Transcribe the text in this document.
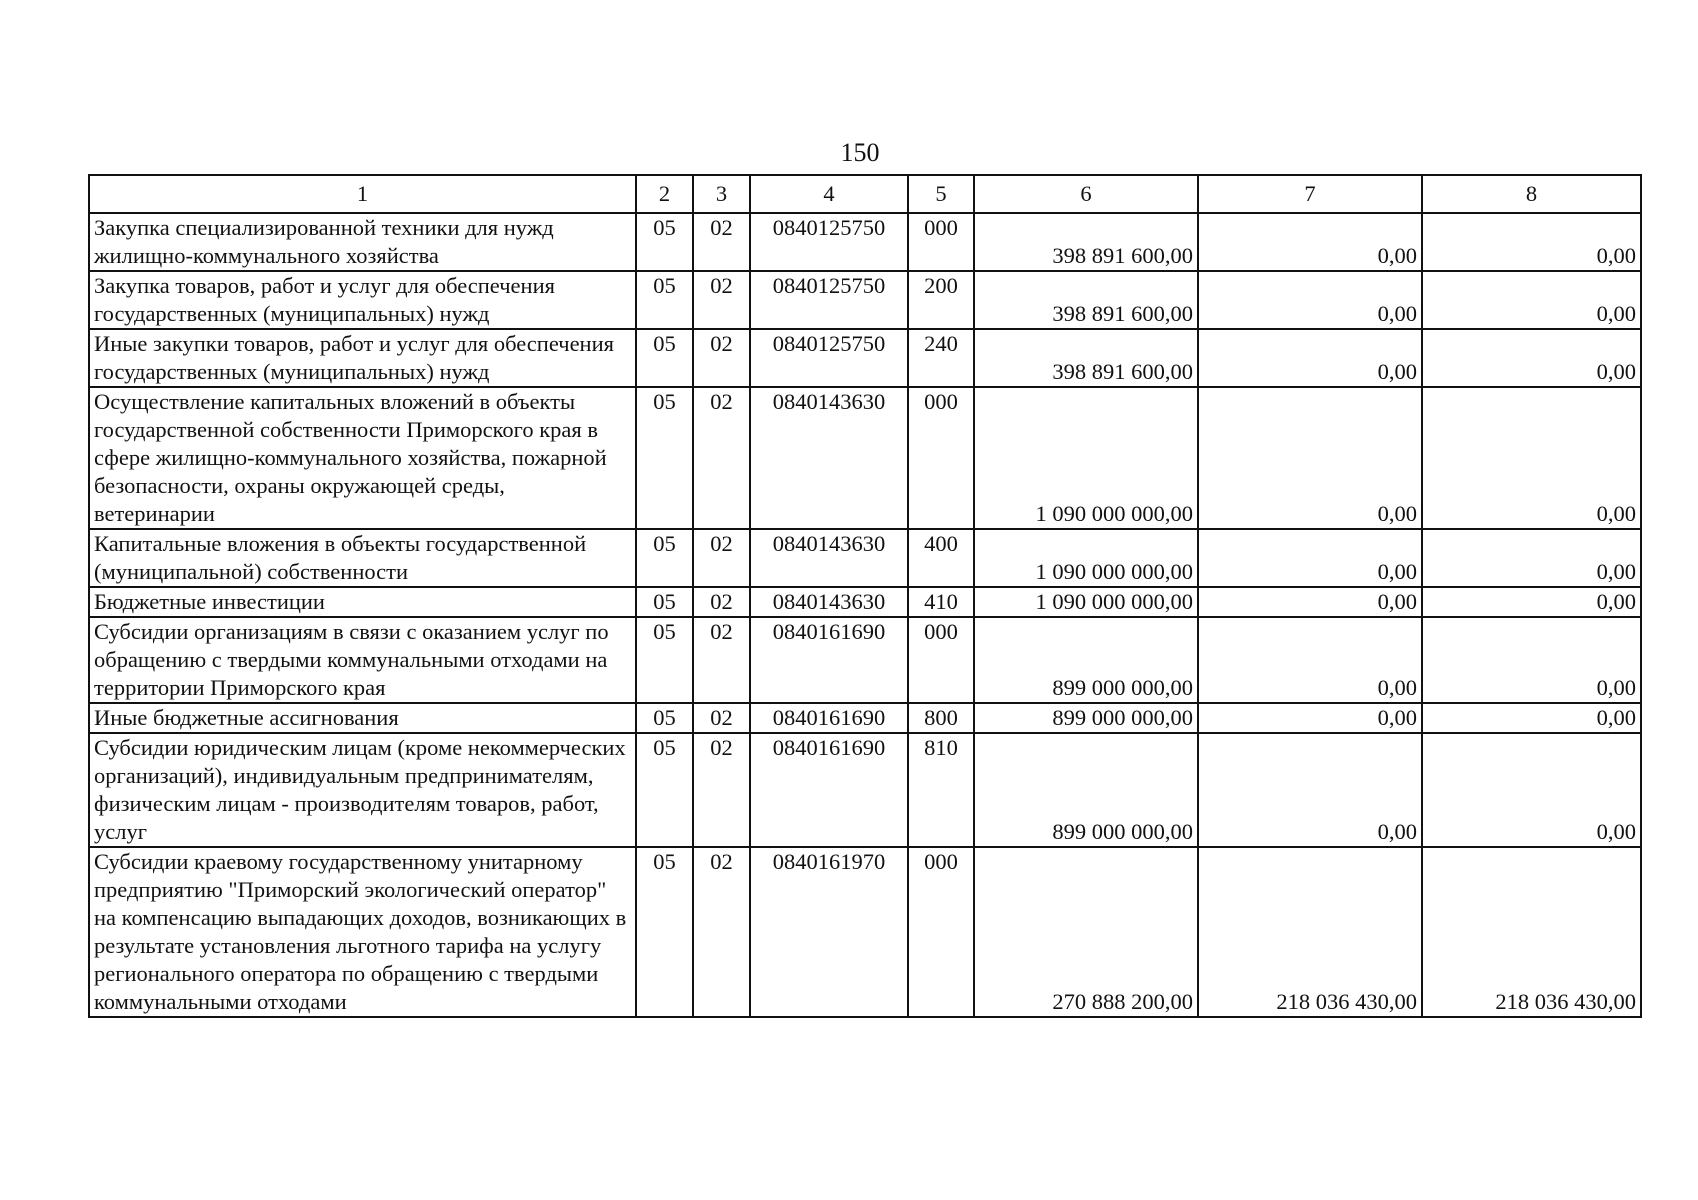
150
1	2	3	4	5	6	7	8
Закупка специализированной техники для нужд жилищно-коммунального хозяйства	05	02	0840125750	000	398 891 600,00	0,00	0,00
Закупка товаров, работ и услуг для обеспечения государственных (муниципальных) нужд	05	02	0840125750	200	398 891 600,00	0,00	0,00
Иные закупки товаров, работ и услуг для обеспечения государственных (муниципальных) нужд	05	02	0840125750	240	398 891 600,00	0,00	0,00
Осуществление капитальных вложений в объекты государственной собственности Приморского края в сфере жилищно-коммунального хозяйства, пожарной безопасности, охраны окружающей среды, ветеринарии	05	02	0840143630	000	1 090 000 000,00	0,00	0,00
Капитальные вложения в объекты государственной (муниципальной) собственности	05	02	0840143630	400	1 090 000 000,00	0,00	0,00
Бюджетные инвестиции	05	02	0840143630	410	1 090 000 000,00	0,00	0,00
Субсидии организациям в связи с оказанием услуг по обращению с твердыми коммунальными отходами на территории Приморского края	05	02	0840161690	000	899 000 000,00	0,00	0,00
Иные бюджетные ассигнования	05	02	0840161690	800	899 000 000,00	0,00	0,00
Субсидии юридическим лицам (кроме некоммерческих организаций), индивидуальным предпринимателям, физическим лицам - производителям товаров, работ, услуг	05	02	0840161690	810	899 000 000,00	0,00	0,00
Субсидии краевому государственному унитарному предприятию "Приморский экологический оператор" на компенсацию выпадающих доходов, возникающих в результате установления льготного тарифа на услугу регионального оператора по обращению с твердыми коммунальными отходами	05	02	0840161970	000	270 888 200,00	218 036 430,00	218 036 430,00
